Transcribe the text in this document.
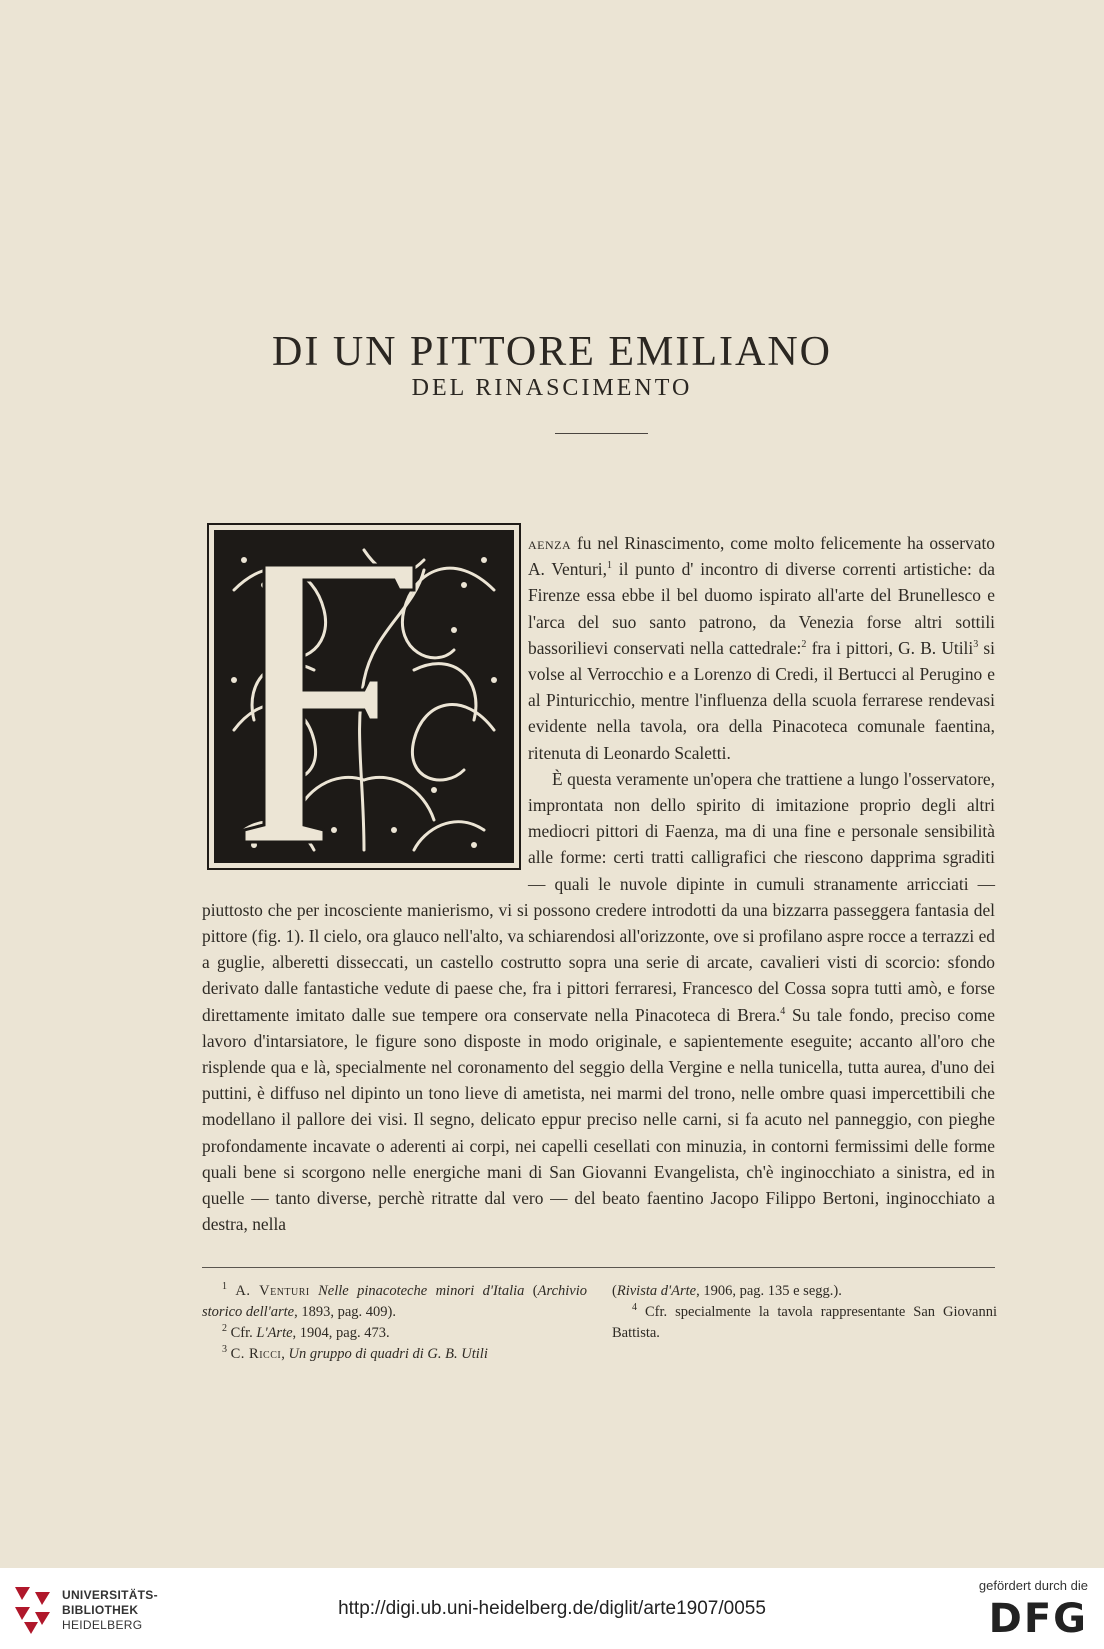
DI UN PITTORE EMILIANO
DEL RINASCIMENTO

aenza fu nel Rinascimento, come molto felicemente ha osservato A. Venturi,$^1$ il punto d' incontro di diverse correnti artistiche: da Firenze essa ebbe il bel duomo ispirato all'arte del Brunellesco e l'arca del suo santo patrono, da Venezia forse altri sottili bassorilievi conservati nella cattedrale:$^2$ fra i pittori, G. B. Utili$^3$ si volse al Verrocchio e a Lorenzo di Credi, il Bertucci al Perugino e al Pinturicchio, mentre l'influenza della scuola ferrarese rendevasi evidente nella tavola, ora della Pinacoteca comunale faentina, ritenuta di Leonardo Scaletti.

È questa veramente un'opera che trattiene a lungo l'osservatore, improntata non dello spirito di imitazione proprio degli altri mediocri pittori di Faenza, ma di una fine e personale sensibilità alle forme: certi tratti calligrafici che riescono dapprima sgraditi — quali le nuvole dipinte in cumuli stranamente arricciati — piuttosto che per incosciente manierismo, vi si possono credere introdotti da una bizzarra passeggera fantasia del pittore (fig. 1). Il cielo, ora glauco nell'alto, va schiarendosi all'orizzonte, ove si profilano aspre rocce a terrazzi ed a guglie, alberetti disseccati, un castello costrutto sopra una serie di arcate, cavalieri visti di scorcio: sfondo derivato dalle fantastiche vedute di paese che, fra i pittori ferraresi, Francesco del Cossa sopra tutti amò, e forse direttamente imitato dalle sue tempere ora conservate nella Pinacoteca di Brera.$^4$ Su tale fondo, preciso come lavoro d'intarsiatore, le figure sono disposte in modo originale, e sapientemente eseguite; accanto all'oro che risplende qua e là, specialmente nel coronamento del seggio della Vergine e nella tunicella, tutta aurea, d'uno dei puttini, è diffuso nel dipinto un tono lieve di ametista, nei marmi del trono, nelle ombre quasi impercettibili che modellano il pallore dei visi. Il segno, delicato eppur preciso nelle carni, si fa acuto nel panneggio, con pieghe profondamente incavate o aderenti ai corpi, nei capelli cesellati con minuzia, in contorni fermissimi delle forme quali bene si scorgono nelle energiche mani di San Giovanni Evangelista, ch'è inginocchiato a sinistra, ed in quelle — tanto diverse, perchè ritratte dal vero — del beato faentino Jacopo Filippo Bertoni, inginocchiato a destra, nella

$^1$ A. Venturi Nelle pinacoteche minori d'Italia (Archivio storico dell'arte, 1893, pag. 409).

$^2$ Cfr. L'Arte, 1904, pag. 473.

$^3$ C. Ricci, Un gruppo di quadri di G. B. Utili

(Rivista d'Arte, 1906, pag. 135 e segg.).

$^4$ Cfr. specialmente la tavola rappresentante San Giovanni Battista.

UNIVERSITÄTS-
BIBLIOTHEK
HEIDELBERG
http://digi.ub.uni-heidelberg.de/diglit/arte1907/0055
gefördert durch die
DFG
